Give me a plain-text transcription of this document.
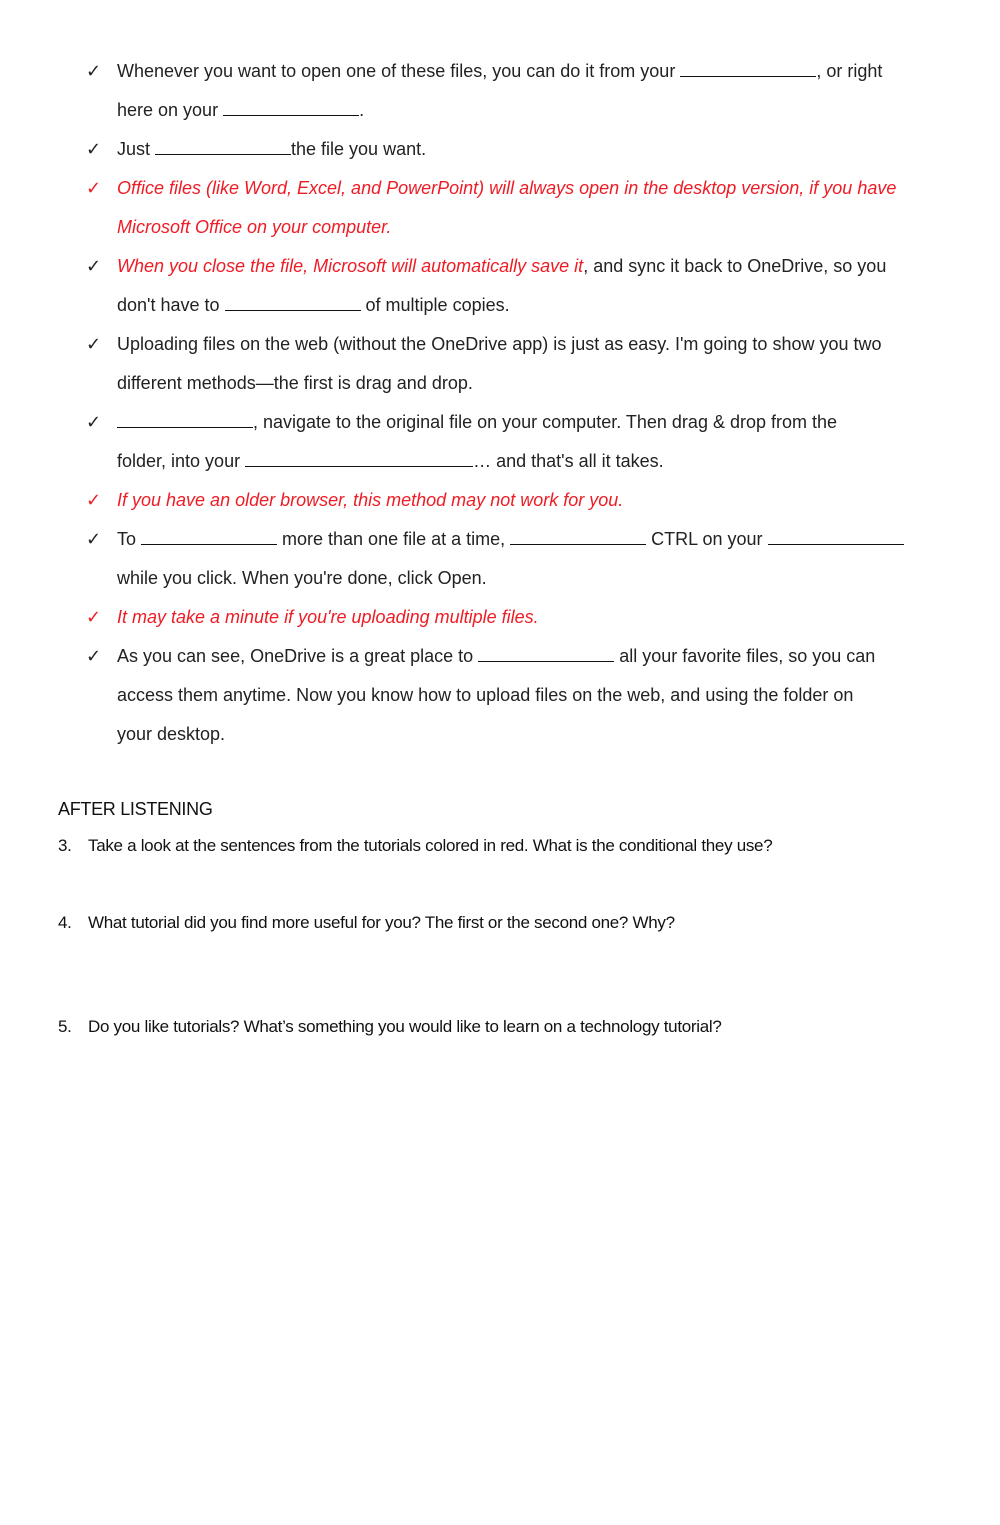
✓ Whenever you want to open one of these files, you can do it from your	, or right
here on your	.

✓ Just	the file you want.

✓ Office files (like Word, Excel, and PowerPoint) will always open in the desktop version, if you have
Microsoft Office on your computer.

✓ When you close the file, Microsoft will automatically save it, and sync it back to OneDrive, so you
don't have to	of multiple copies.

✓ Uploading files on the web (without the OneDrive app) is just as easy. I'm going to show you two
different methods—the first is drag and drop.

✓	, navigate to the original file on your computer. Then drag & drop from the
folder, into your	… and that's all it takes.

✓ If you have an older browser, this method may not work for you.

✓ To	more than one file at a time,	CTRL on your
while you click. When you're done, click Open.

✓ It may take a minute if you're uploading multiple files.

✓ As you can see, OneDrive is a great place to	all your favorite files, so you can
access them anytime. Now you know how to upload files on the web, and using the folder on
your desktop.

AFTER LISTENING

3. Take a look at the sentences from the tutorials colored in red. What is the conditional they use?
4. What tutorial did you find more useful for you? The first or the second one? Why?
5. Do you like tutorials? What’s something you would like to learn on a technology tutorial?
